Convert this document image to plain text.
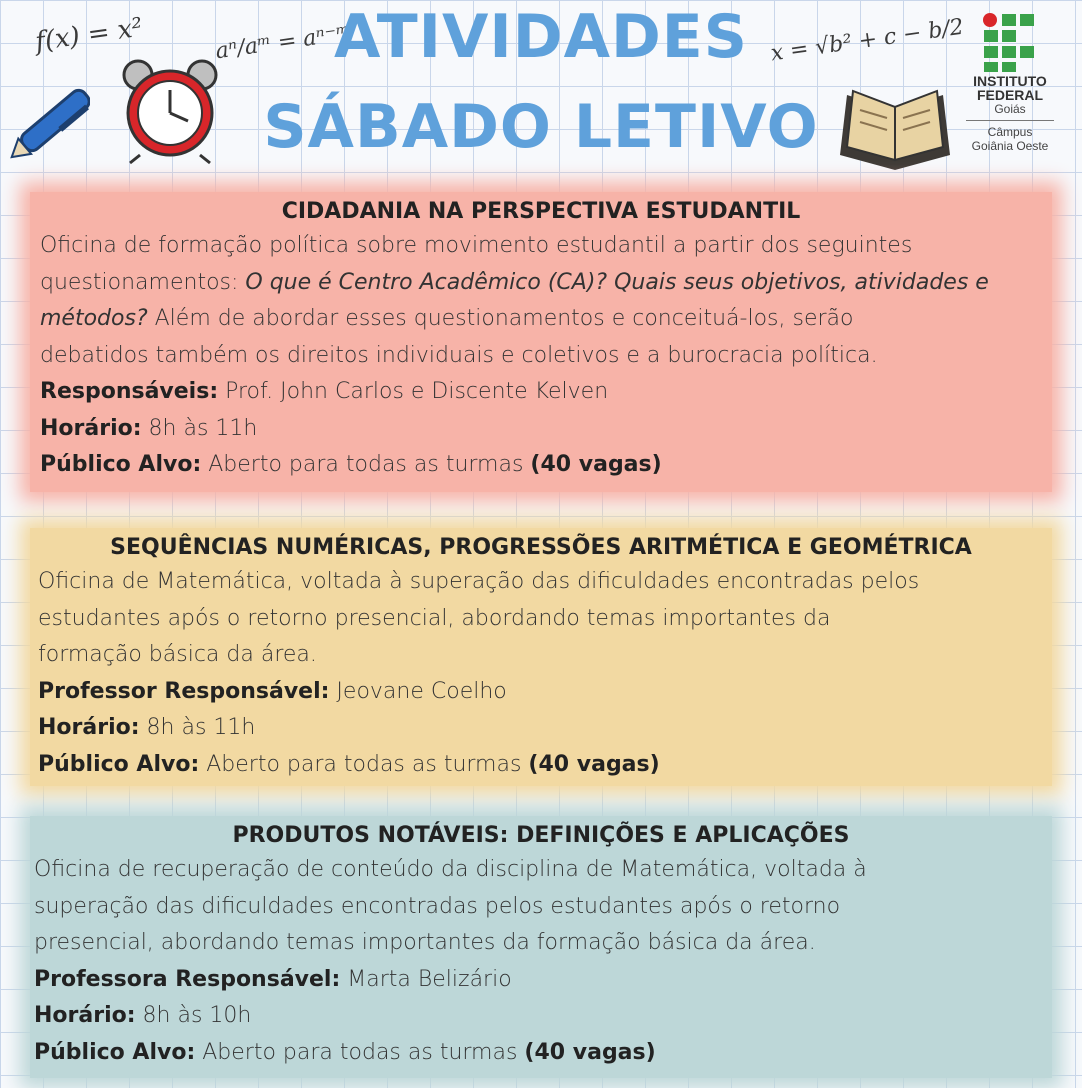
f(x) = x²	aⁿ/aᵐ = aⁿ⁻ᵐ	x = √b² + c − b/2
ATIVIDADES
SÁBADO LETIVO
INSTITUTO
FEDERAL
Goiás
Câmpus
Goiânia Oeste
CIDADANIA NA PERSPECTIVA ESTUDANTIL
Oficina de formação política sobre movimento estudantil a partir dos seguintes
questionamentos: O que é Centro Acadêmico (CA)? Quais seus objetivos, atividades e
métodos? Além de abordar esses questionamentos e conceituá-los, serão
debatidos também os direitos individuais e coletivos e a burocracia política.
Responsáveis: Prof. John Carlos e Discente Kelven
Horário: 8h às 11h
Público Alvo: Aberto para todas as turmas (40 vagas)
SEQUÊNCIAS NUMÉRICAS, PROGRESSÕES ARITMÉTICA E GEOMÉTRICA
Oficina de Matemática, voltada à superação das dificuldades encontradas pelos
estudantes após o retorno presencial, abordando temas importantes da
formação básica da área.
Professor Responsável: Jeovane Coelho
Horário: 8h às 11h
Público Alvo: Aberto para todas as turmas (40 vagas)
PRODUTOS NOTÁVEIS: DEFINIÇÕES E APLICAÇÕES
Oficina de recuperação de conteúdo da disciplina de Matemática, voltada à
superação das dificuldades encontradas pelos estudantes após o retorno
presencial, abordando temas importantes da formação básica da área.
Professora Responsável: Marta Belizário
Horário: 8h às 10h
Público Alvo: Aberto para todas as turmas (40 vagas)
